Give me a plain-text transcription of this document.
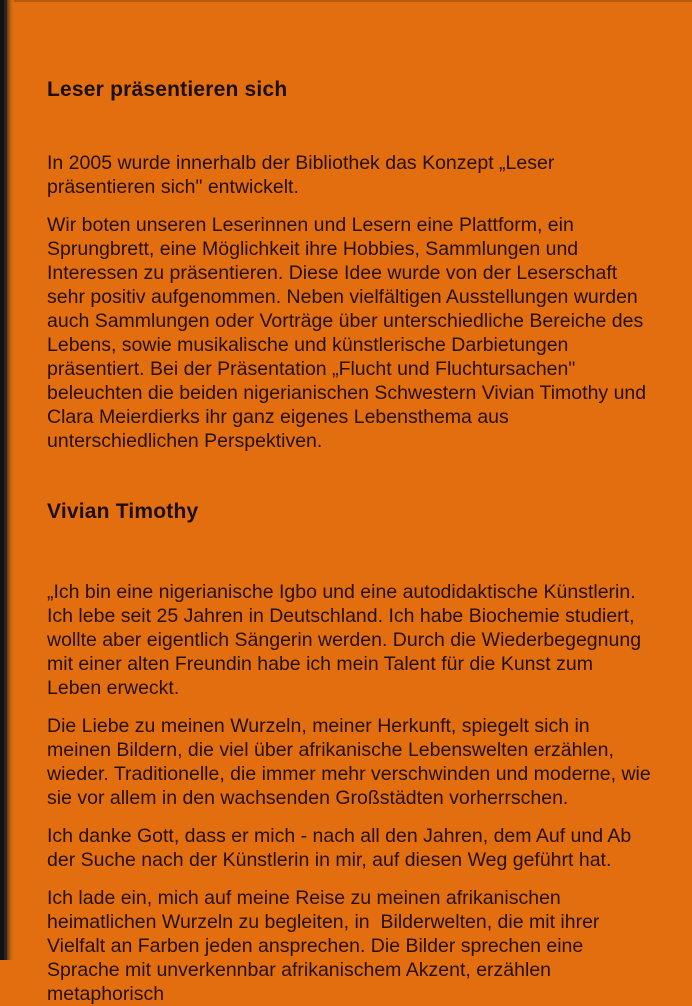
Leser präsentieren sich

In 2005 wurde innerhalb der Bibliothek das Konzept „Leser präsentieren sich" entwickelt.

Wir boten unseren Leserinnen und Lesern eine Plattform, ein Sprungbrett, eine Möglichkeit ihre Hobbies, Sammlungen und Interessen zu präsentieren. Diese Idee wurde von der Leserschaft sehr positiv aufgenommen. Neben vielfältigen Ausstellungen wurden auch Sammlungen oder Vorträge über unterschiedliche Bereiche des Lebens, sowie musikalische und künstlerische Darbietungen präsentiert. Bei der Präsentation „Flucht und Fluchtursachen" beleuchten die beiden nigerianischen Schwestern Vivian Timothy und Clara Meierdierks ihr ganz eigenes Lebensthema aus unterschiedlichen Perspektiven.

Vivian Timothy

„Ich bin eine nigerianische Igbo und eine autodidaktische Künstlerin. Ich lebe seit 25 Jahren in Deutschland. Ich habe Biochemie studiert, wollte aber eigentlich Sängerin werden. Durch die Wiederbegegnung mit einer alten Freundin habe ich mein Talent für die Kunst zum Leben erweckt.

Die Liebe zu meinen Wurzeln, meiner Herkunft, spiegelt sich in meinen Bildern, die viel über afrikanische Lebenswelten erzählen, wieder. Traditionelle, die immer mehr verschwinden und moderne, wie sie vor allem in den wachsenden Großstädten vorherrschen.

Ich danke Gott, dass er mich - nach all den Jahren, dem Auf und Ab der Suche nach der Künstlerin in mir, auf diesen Weg geführt hat.

Ich lade ein, mich auf meine Reise zu meinen afrikanischen heimatlichen Wurzeln zu begleiten, in  Bilderwelten, die mit ihrer Vielfalt an Farben jeden ansprechen. Die Bilder sprechen eine Sprache mit unverkennbar afrikanischem Akzent, erzählen metaphorisch
